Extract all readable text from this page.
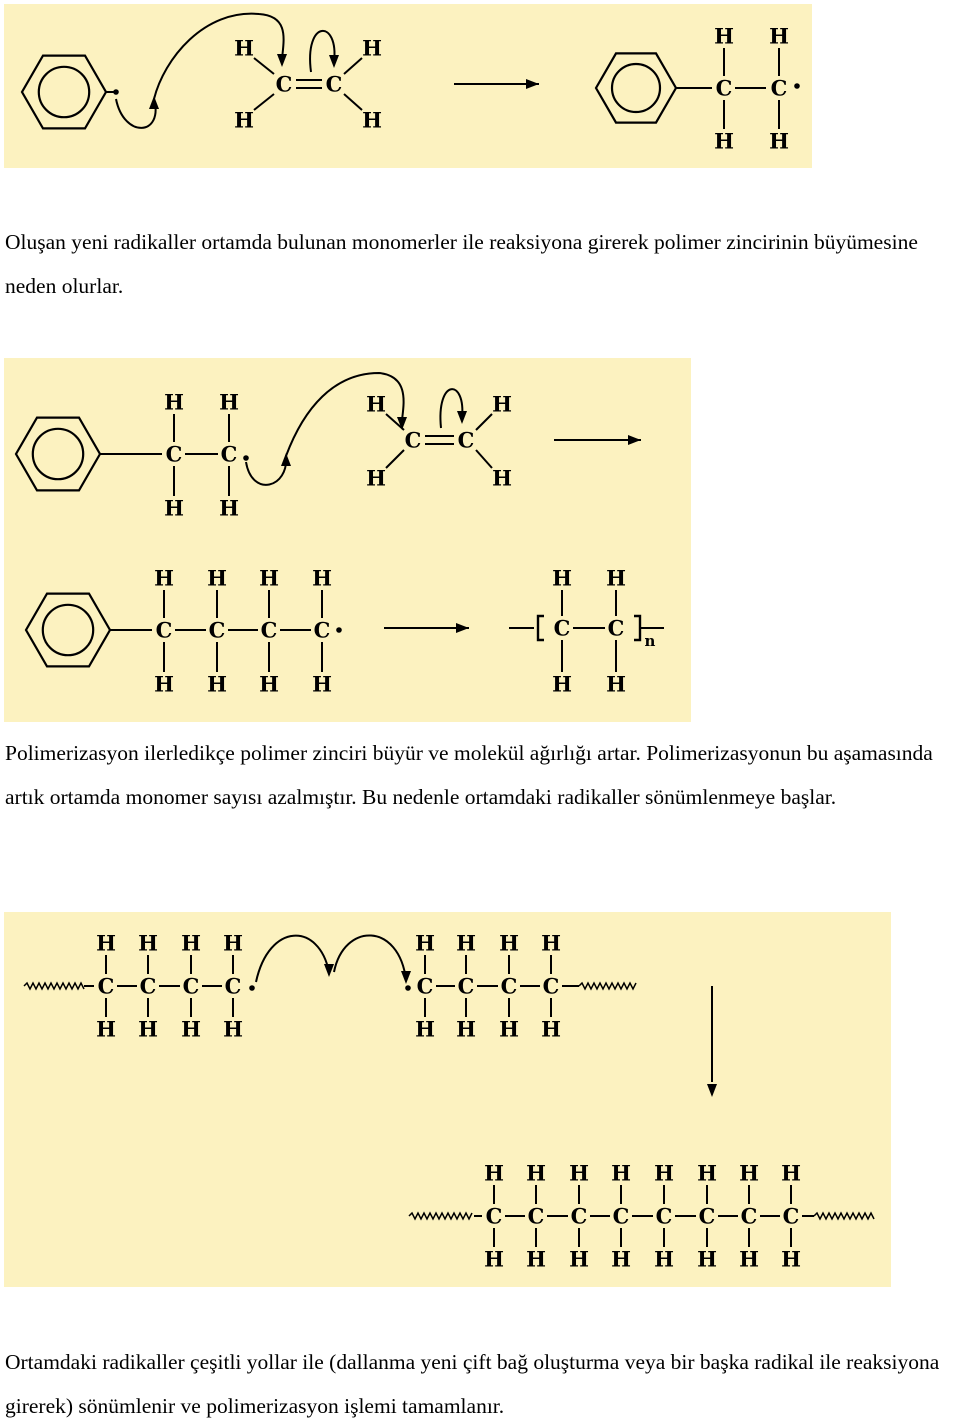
C C
H
H
H
H
H
C
H
H
C
H

Oluşan yeni radikaller ortamda bulunan monomerler ile reaksiyona girerek polimer zincirinin büyümesine neden olurlar.

H
C
H
H
C
H
C C
H
H
H
H
H
C
H
H
C
H
H
C
H
H
C
H
H
C
H
H
C
H
n

Polimerizasyon ilerledikçe polimer zinciri büyür ve molekül ağırlığı artar. Polimerizasyonun bu aşamasında artık ortamda monomer sayısı azalmıştır. Bu nedenle ortamdaki radikaller sönümlenmeye başlar.

H
C
H
H
C
H
H
C
H
H
C
H
H
C
H
H
C
H
H
C
H
H
C
H
H
C
H
H
C
H
H
C
H
H
C
H
H
C
H
H
C
H
H
C
H
H
C
H

Ortamdaki radikaller çeşitli yollar ile (dallanma yeni çift bağ oluşturma veya bir başka radikal ile reaksiyona girerek) sönümlenir ve polimerizasyon işlemi tamamlanır.
